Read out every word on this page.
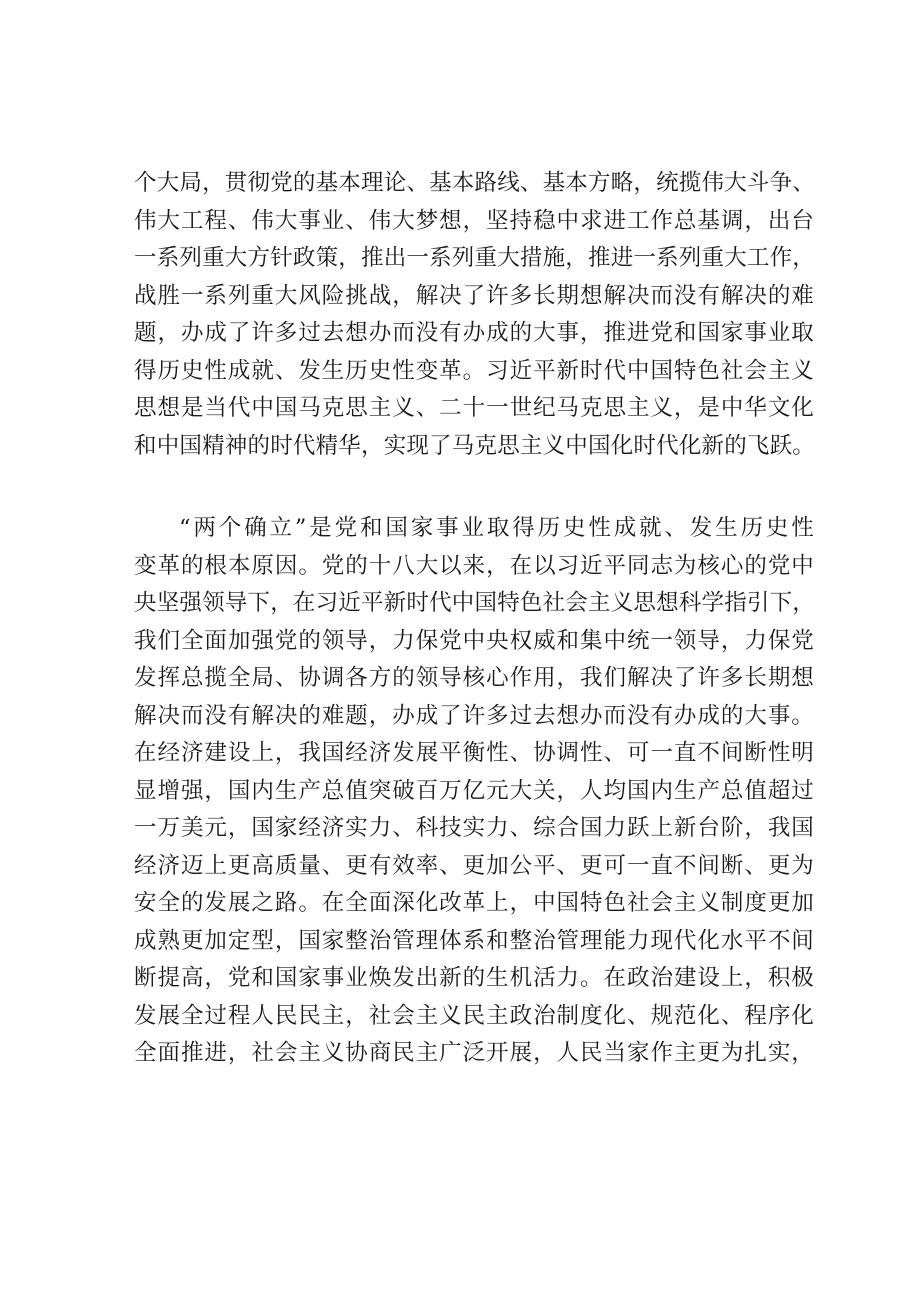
个大局，贯彻党的基本理论、基本路线、基本方略，统揽伟大斗争、
伟大工程、伟大事业、伟大梦想，坚持稳中求进工作总基调，出台
一系列重大方针政策，推出一系列重大措施，推进一系列重大工作，
战胜一系列重大风险挑战，解决了许多长期想解决而没有解决的难
题，办成了许多过去想办而没有办成的大事，推进党和国家事业取
得历史性成就、发生历史性变革。习近平新时代中国特色社会主义
思想是当代中国马克思主义、二十一世纪马克思主义，是中华文化
和中国精神的时代精华，实现了马克思主义中国化时代化新的飞跃。
“两个确立”是党和国家事业取得历史性成就、发生历史性
变革的根本原因。党的十八大以来，在以习近平同志为核心的党中
央坚强领导下，在习近平新时代中国特色社会主义思想科学指引下，
我们全面加强党的领导，力保党中央权威和集中统一领导，力保党
发挥总揽全局、协调各方的领导核心作用，我们解决了许多长期想
解决而没有解决的难题，办成了许多过去想办而没有办成的大事。
在经济建设上，我国经济发展平衡性、协调性、可一直不间断性明
显增强，国内生产总值突破百万亿元大关，人均国内生产总值超过
一万美元，国家经济实力、科技实力、综合国力跃上新台阶，我国
经济迈上更高质量、更有效率、更加公平、更可一直不间断、更为
安全的发展之路。在全面深化改革上，中国特色社会主义制度更加
成熟更加定型，国家整治管理体系和整治管理能力现代化水平不间
断提高，党和国家事业焕发出新的生机活力。在政治建设上，积极
发展全过程人民民主，社会主义民主政治制度化、规范化、程序化
全面推进，社会主义协商民主广泛开展，人民当家作主更为扎实，
